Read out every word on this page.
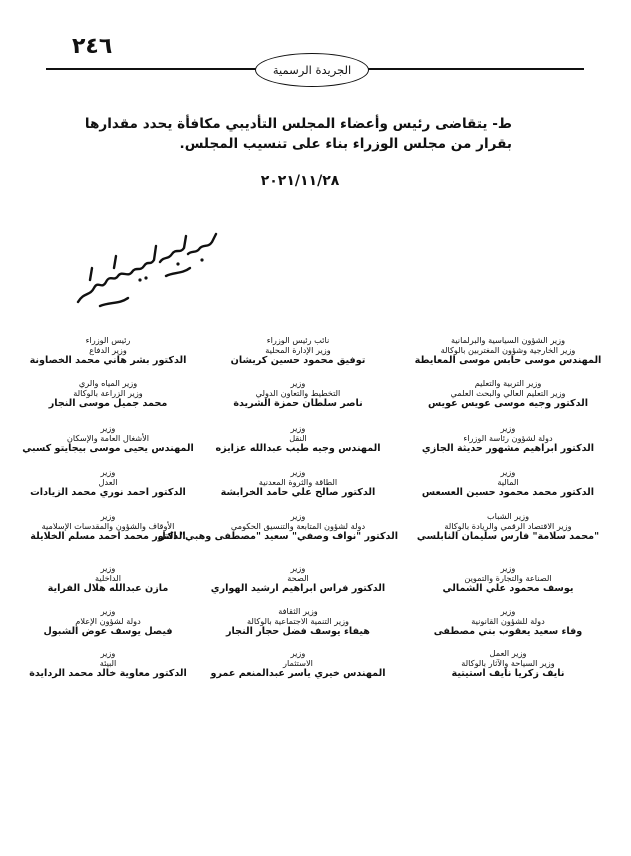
٢٤٦
الجريدة الرسمية
ط- يتقاضى رئيس وأعضاء المجلس التأديبي مكافأة يحدد مقدارها بقرار من مجلس الوزراء بناء على تنسيب المجلس.
٢٠٢١/١١/٢٨
رئيس الوزراء
وزير الدفاع
الدكتور بشر هاني محمد الخصاونة
نائب رئيس الوزراء
وزير الإدارة المحلية
توفيق محمود حسين كريشان
وزير الشؤون السياسية والبرلمانية
وزير الخارجية وشؤون المغتربين بالوكالة
المهندس موسى حابس موسى المعايطة
وزير المياه والري
وزير الزراعة بالوكالة
محمد جميل موسى النجار
وزير
التخطيط والتعاون الدولي
ناصر سلطان حمزة الشريدة
وزير التربية والتعليم
وزير التعليم العالي والبحث العلمي
الدكتور وجيه موسى عويس عويس
وزير
الأشغال العامة والإسكان
المهندس يحيى موسى بيجايتو كسبي
وزير
النقل
المهندس وجيه طيب عبدالله عزايزه
وزير
دولة لشؤون رئاسة الوزراء
الدكتور ابراهيم مشهور حديثة الجازي
وزير
العدل
الدكتور احمد نوري محمد الزيادات
وزير
الطاقة والثروة المعدنية
الدكتور صالح علي حامد الخرابشة
وزير
المالية
الدكتور محمد محمود حسين العسعس
وزير
الأوقاف والشؤون والمقدسات الإسلامية
الدكتور محمد احمد مسلم الخلايلة
وزير
دولة لشؤون المتابعة والتنسيق الحكومي
الدكتور "نواف وصفي" سعيد "مصطفى وهبي" التل
وزير الشباب
وزير الاقتصاد الرقمي والريادة بالوكالة
"محمد سلامة" فارس سليمان النابلسي
وزير
الداخلية
مازن عبدالله هلال الفراية
وزير
الصحة
الدكتور فراس ابراهيم ارشيد الهواري
وزير
الصناعة والتجارة والتموين
يوسف محمود علي الشمالي
وزير
دولة لشؤون الإعلام
فيصل يوسف عوض الشبول
وزير الثقافة
وزير التنمية الاجتماعية بالوكالة
هيفاء يوسف فضل حجار النجار
وزير
دولة للشؤون القانونية
وفاء سعيد يعقوب بني مصطفى
وزير
البيئة
الدكتور معاوية خالد محمد الردايدة
وزير
الاستثمار
المهندس خيري ياسر عبدالمنعم عمرو
وزير العمل
وزير السياحة والآثار بالوكالة
نايف زكريا نايف استيتية
